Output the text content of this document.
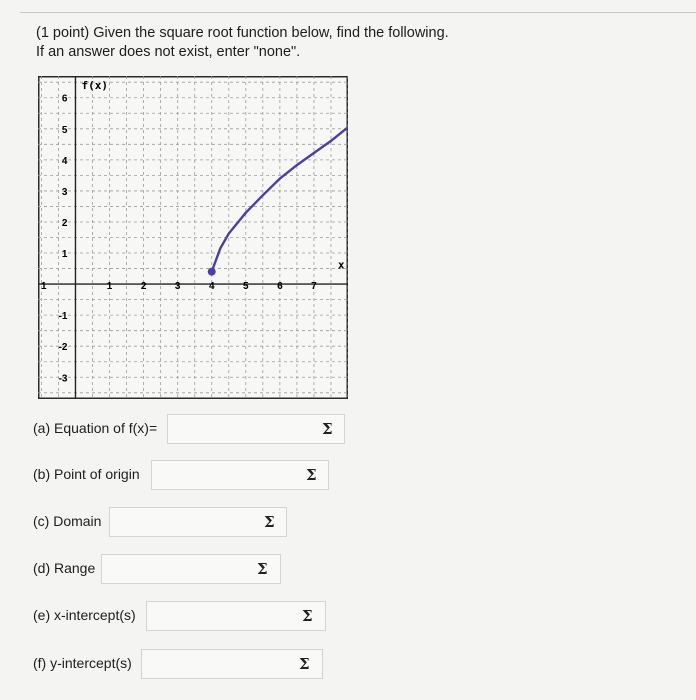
(1 point) Given the square root function below, find the following.
If an answer does not exist, enter "none".
1	2	3	4	5	6	7
6
5
4
3
2
1
-1
-2
-3
f(x)
x
1
(a) Equation of f(x)=	Σ
(b) Point of origin	Σ
(c) Domain	Σ
(d) Range	Σ
(e) x-intercept(s)	Σ
(f) y-intercept(s)	Σ
